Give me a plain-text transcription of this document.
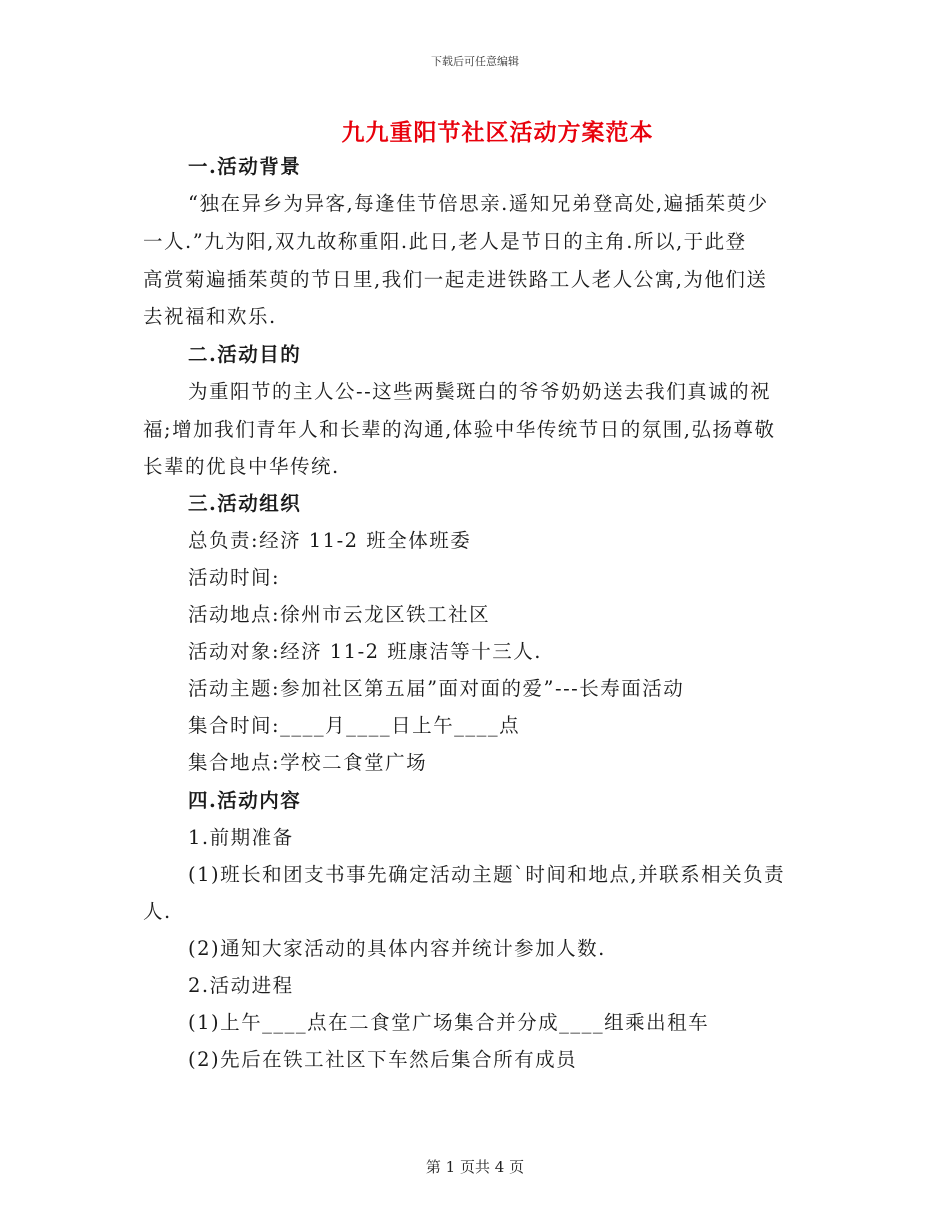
下载后可任意编辑
九九重阳节社区活动方案范本
一.活动背景
“独在异乡为异客,每逢佳节倍思亲.遥知兄弟登高处,遍插茱萸少
一人.”九为阳,双九故称重阳.此日,老人是节日的主角.所以,于此登
高赏菊遍插茱萸的节日里,我们一起走进铁路工人老人公寓,为他们送
去祝福和欢乐.
二.活动目的
为重阳节的主人公--这些两鬓斑白的爷爷奶奶送去我们真诚的祝
福;增加我们青年人和长辈的沟通,体验中华传统节日的氛围,弘扬尊敬
长辈的优良中华传统.
三.活动组织
总负责:经济 11-2 班全体班委
活动时间:
活动地点:徐州市云龙区铁工社区
活动对象:经济 11-2 班康洁等十三人.
活动主题:参加社区第五届”面对面的爱”---长寿面活动
集合时间:____月____日上午____点
集合地点:学校二食堂广场
四.活动内容
1.前期准备
(1)班长和团支书事先确定活动主题`时间和地点,并联系相关负责
人.
(2)通知大家活动的具体内容并统计参加人数.
2.活动进程
(1)上午____点在二食堂广场集合并分成____组乘出租车
(2)先后在铁工社区下车然后集合所有成员
第 1 页共 4 页
